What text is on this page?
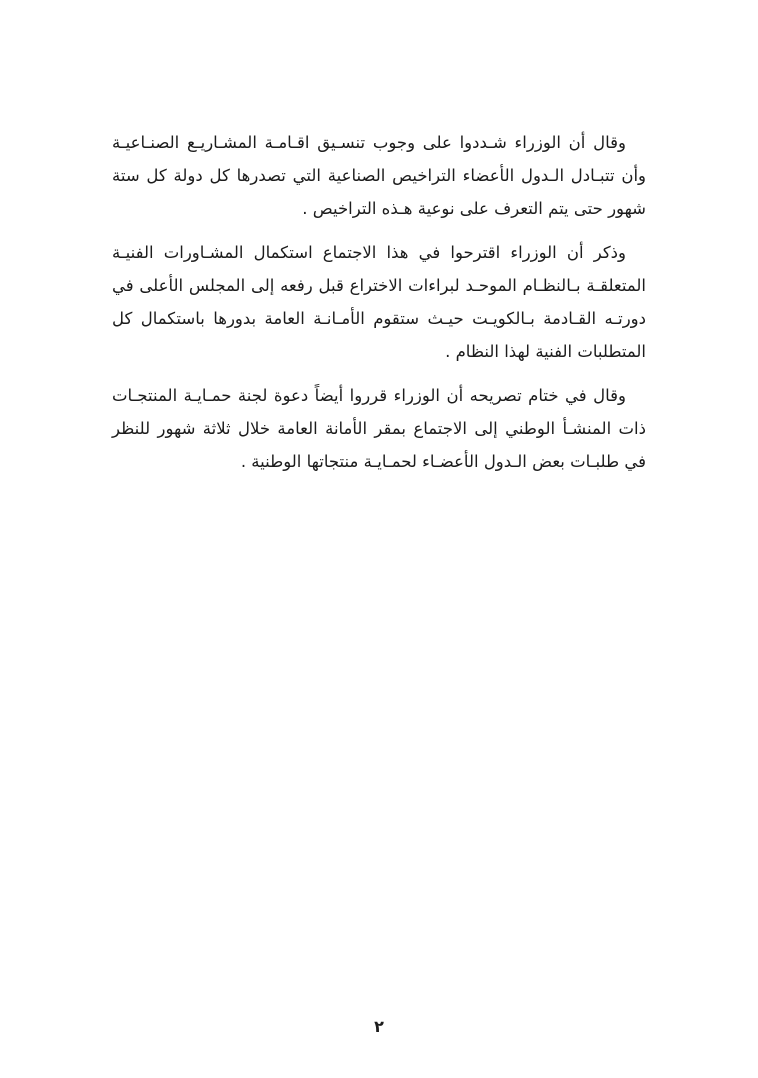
وقال أن الوزراء شـددوا على وجوب تنسـيق اقـامـة المشـاريـع الصنـاعيـة وأن تتبـادل الـدول الأعضاء التراخيص الصناعية التي تصدرها كل دولة كل ستة شهور حتى يتم التعرف على نوعية هـذه التراخيص .

وذكر أن الوزراء اقترحوا في هذا الاجتماع استكمال المشـاورات الفنيـة المتعلقـة بـالنظـام الموحـد لبراءات الاختراع قبل رفعه إلى المجلس الأعلى في دورتـه القـادمة بـالكويـت حيـث ستقوم الأمـانـة العامة بدورها باستكمال كل المتطلبات الفنية لهذا النظام .

وقال في ختام تصريحه أن الوزراء قرروا أيضاً دعوة لجنة حمـايـة المنتجـات ذات المنشـأ الوطني إلى الاجتماع بمقر الأمانة العامة خلال ثلاثة شهور للنظر في طلبـات بعض الـدول الأعضـاء لحمـايـة منتجاتها الوطنية .

٢
